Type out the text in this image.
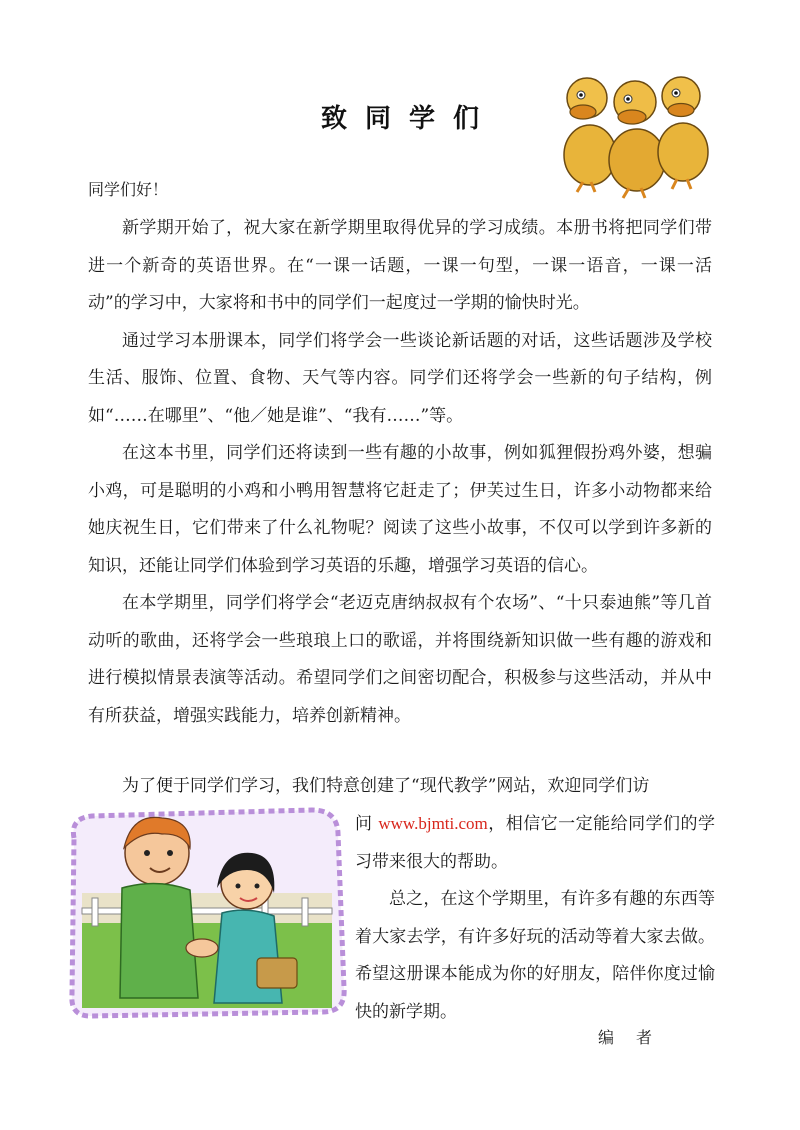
致同学们
同学们好！

新学期开始了，祝大家在新学期里取得优异的学习成绩。本册书将把同学们带进一个新奇的英语世界。在“一课一话题，一课一句型，一课一语音，一课一活动”的学习中，大家将和书中的同学们一起度过一学期的愉快时光。

通过学习本册课本，同学们将学会一些谈论新话题的对话，这些话题涉及学校生活、服饰、位置、食物、天气等内容。同学们还将学会一些新的句子结构，例如“……在哪里”、“他／她是谁”、“我有……”等。

在这本书里，同学们还将读到一些有趣的小故事，例如狐狸假扮鸡外婆，想骗小鸡，可是聪明的小鸡和小鸭用智慧将它赶走了；伊芙过生日，许多小动物都来给她庆祝生日，它们带来了什么礼物呢？阅读了这些小故事，不仅可以学到许多新的知识，还能让同学们体验到学习英语的乐趣，增强学习英语的信心。

在本学期里，同学们将学会“老迈克唐纳叔叔有个农场”、“十只泰迪熊”等几首动听的歌曲，还将学会一些琅琅上口的歌谣，并将围绕新知识做一些有趣的游戏和进行模拟情景表演等活动。希望同学们之间密切配合，积极参与这些活动，并从中有所获益，增强实践能力，培养创新精神。

为了便于同学们学习，我们特意创建了“现代教学”网站，欢迎同学们访

问 www.bjmti.com，相信它一定能给同学们的学习带来很大的帮助。

总之，在这个学期里，有许多有趣的东西等着大家去学，有许多好玩的活动等着大家去做。希望这册课本能成为你的好朋友，陪伴你度过愉快的新学期。

编者
